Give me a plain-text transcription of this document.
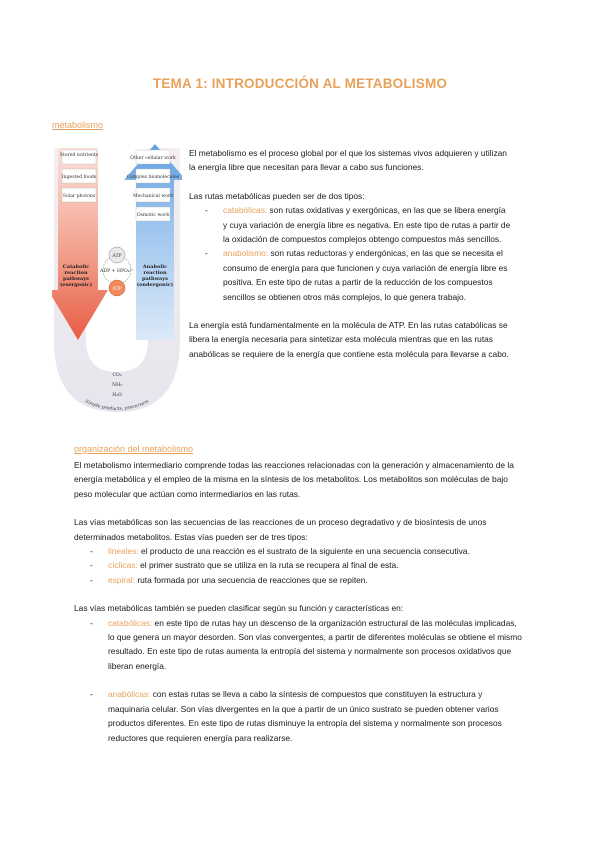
TEMA 1: INTRODUCCIÓN AL METABOLISMO
metabolismo
Stored nutrients
Ingested foods
Solar photons
Other cellular work
Complex biomolecules
Mechanical work
Osmotic work
ATP
ADP + HPO₄²⁻
ATP
Catabolic
reaction
pathways
(exergonic)
Anabolic
reaction
pathways
(endergonic)
CO₂
NH₃
H₂O
Simple products, precursors

El metabolismo es el proceso global por el que los sistemas vivos adquieren y utilizan la energía libre que necesitan para llevar a cabo sus funciones.

Las rutas metabólicas pueden ser de dos tipos:

- catabólicas: son rutas oxidativas y exergónicas, en las que se libera energía y cuya variación de energía libre es negativa. En este tipo de rutas a partir de la oxidación de compuestos complejos obtengo compuestos más sencillos.
- anabolismo: son rutas reductoras y endergónicas, en las que se necesita el consumo de energía para que funcionen y cuya variación de energía libre es positiva. En este tipo de rutas a partir de la reducción de los compuestos sencillos se obtienen otros más complejos, lo que genera trabajo.

La energía está fundamentalmente en la molécula de ATP. En las rutas catabólicas se libera la energía necesaria para sintetizar esta molécula mientras que en las rutas anabólicas se requiere de la energía que contiene esta molécula para llevarse a cabo.

organización del metabolismo

El metabolismo intermediario comprende todas las reacciones relacionadas con la generación y almacenamiento de la energía metabólica y el empleo de la misma en la síntesis de los metabolitos. Los metabolitos son moléculas de bajo peso molecular que actúan como intermediarios en las rutas.

Las vías metabólicas son las secuencias de las reacciones de un proceso degradativo y de biosíntesis de unos determinados metabolitos. Estas vías pueden ser de tres tipos:

- lineales: el producto de una reacción es el sustrato de la siguiente en una secuencia consecutiva.
- cíclicas: el primer sustrato que se utiliza en la ruta se recupera al final de esta.
- espiral: ruta formada por una secuencia de reacciones que se repiten.

Las vías metabólicas también se pueden clasificar según su función y características en:

- catabólicas: en este tipo de rutas hay un descenso de la organización estructural de las moléculas implicadas, lo que genera un mayor desorden. Son vías convergentes, a partir de diferentes moléculas se obtiene el mismo resultado. En este tipo de rutas aumenta la entropía del sistema y normalmente son procesos oxidativos que liberan energía.
- anabólicas: con estas rutas se lleva a cabo la síntesis de compuestos que constituyen la estructura y maquinaria celular. Son vías divergentes en la que a partir de un único sustrato se pueden obtener varios productos diferentes. En este tipo de rutas disminuye la entropía del sistema y normalmente son procesos reductores que requieren energía para realizarse.
